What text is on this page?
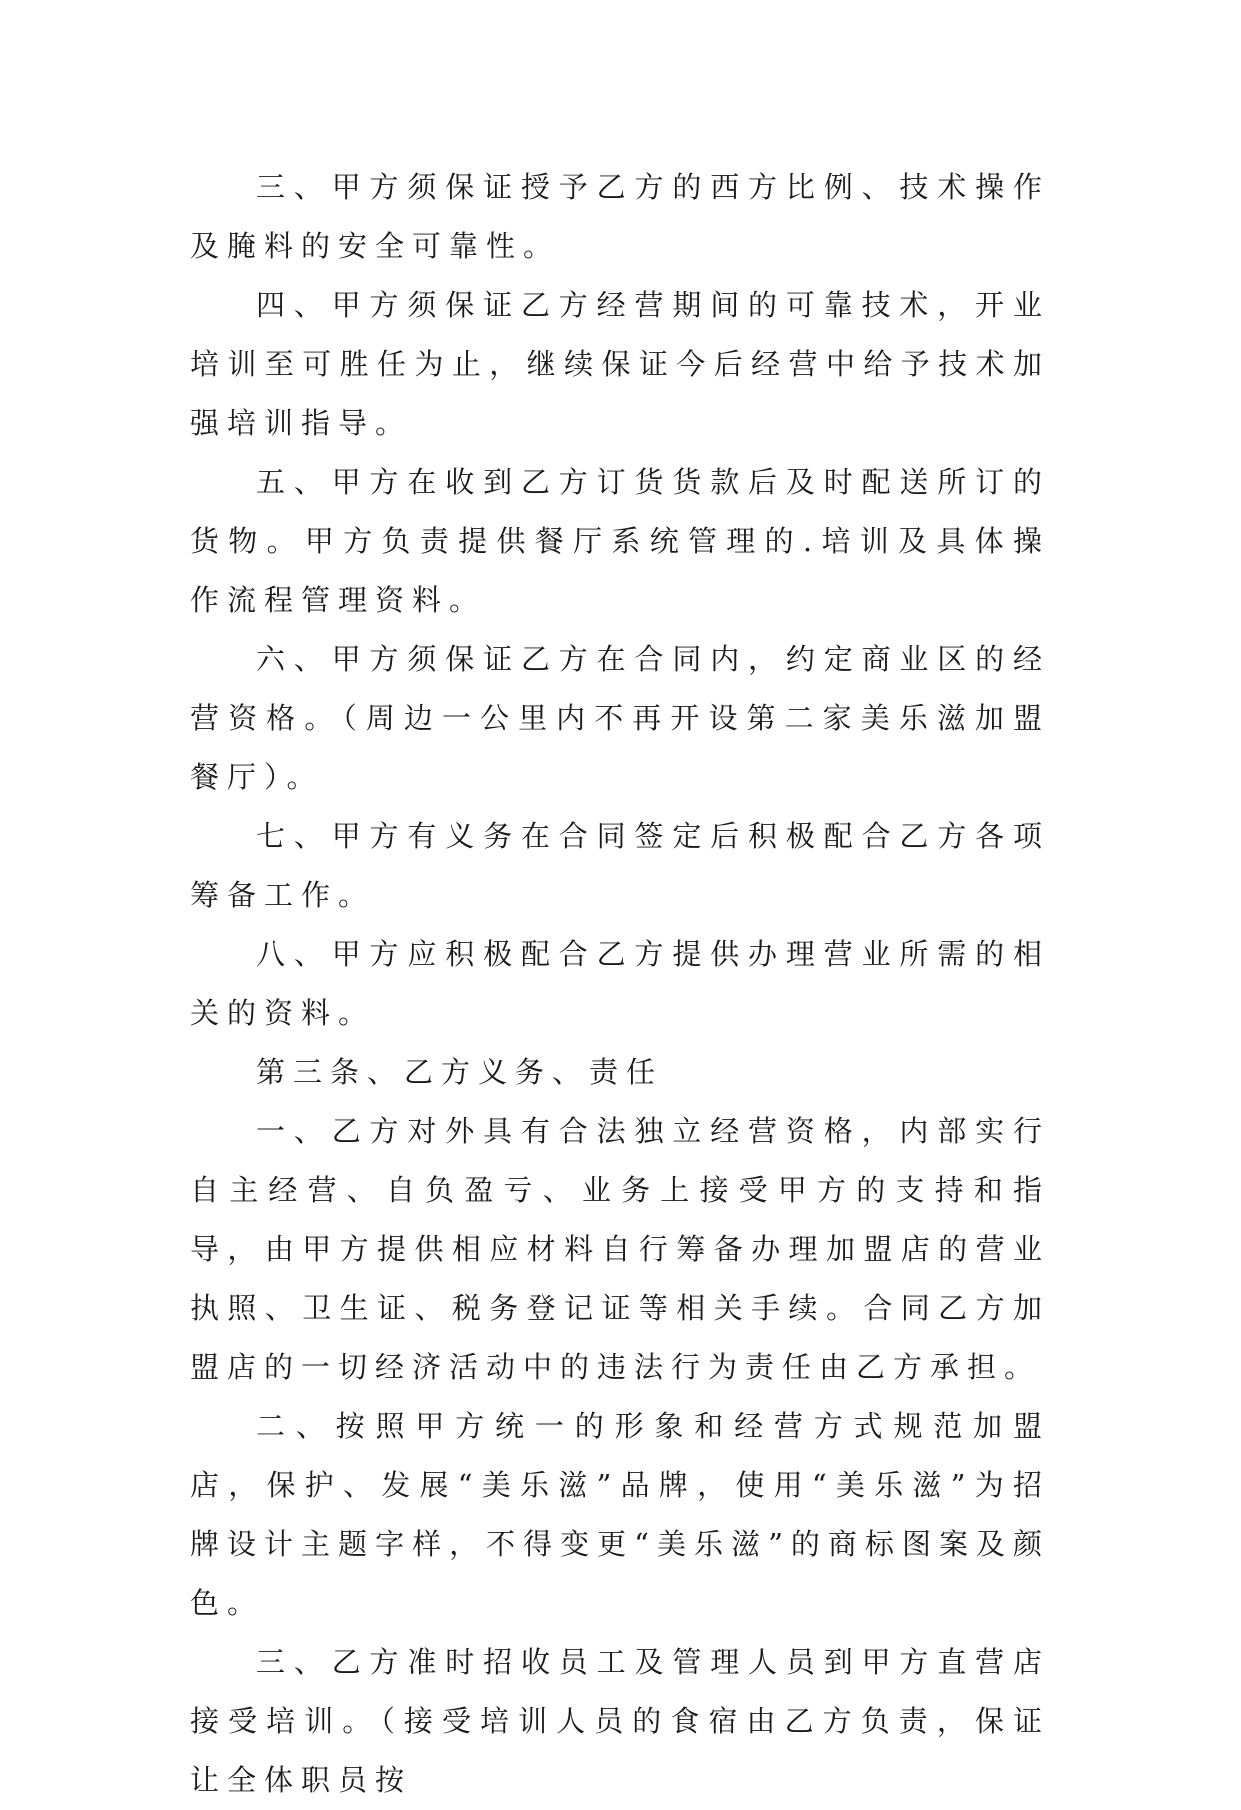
三、甲方须保证授予乙方的西方比例、技术操作及腌料的安全可靠性。

四、甲方须保证乙方经营期间的可靠技术，开业培训至可胜任为止，继续保证今后经营中给予技术加强培训指导。

五、甲方在收到乙方订货货款后及时配送所订的货物。甲方负责提供餐厅系统管理的.培训及具体操作流程管理资料。

六、甲方须保证乙方在合同内，约定商业区的经营资格。（周边一公里内不再开设第二家美乐滋加盟餐厅）。

七、甲方有义务在合同签定后积极配合乙方各项筹备工作。

八、甲方应积极配合乙方提供办理营业所需的相关的资料。

第三条、乙方义务、责任

一、乙方对外具有合法独立经营资格，内部实行自主经营、自负盈亏、业务上接受甲方的支持和指导，由甲方提供相应材料自行筹备办理加盟店的营业执照、卫生证、税务登记证等相关手续。合同乙方加盟店的一切经济活动中的违法行为责任由乙方承担。

二、按照甲方统一的形象和经营方式规范加盟店，保护、发展“美乐滋”品牌，使用“美乐滋”为招牌设计主题字样，不得变更“美乐滋”的商标图案及颜色。

三、乙方准时招收员工及管理人员到甲方直营店接受培训。（接受培训人员的食宿由乙方负责，保证让全体职员按
